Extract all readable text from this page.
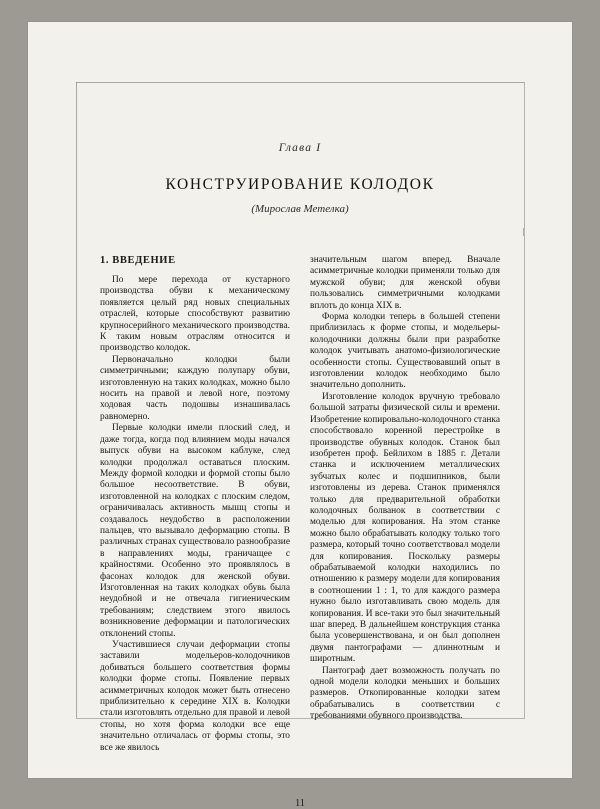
Глава I
КОНСТРУИРОВАНИЕ КОЛОДОК
(Мирослав Метелка)
1. ВВЕДЕНИЕ

По мере перехода от кустарного производства обуви к механическому появляется целый ряд новых специальных отраслей, которые способствуют развитию крупносерийного механического производства. К таким новым отраслям относится и производство колодок.

Первоначально колодки были симметричными; каждую полупару обуви, изготовленную на таких колодках, можно было носить на правой и левой ноге, поэтому ходовая часть подошвы изнашивалась равномерно.

Первые колодки имели плоский след, и даже тогда, когда под влиянием моды начался выпуск обуви на высоком каблуке, след колодки продолжал оставаться плоским. Между формой колодки и формой стопы было большое несоответствие. В обуви, изготовленной на колодках с плоским следом, ограничивалась активность мышц стопы и создавалось неудобство в расположении пальцев, что вызывало деформацию стопы. В различных странах существовало разнообразие в направлениях моды, граничащее с крайностями. Особенно это проявлялось в фасонах колодок для женской обуви. Изготовленная на таких колодках обувь была неудобной и не отвечала гигиеническим требованиям; следствием этого явилось возникновение деформации и патологических отклонений стопы.

Участившиеся случаи деформации стопы заставили модельеров-колодочников добиваться большего соответствия формы колодки форме стопы. Появление первых асимметричных колодок может быть отнесено приблизительно к середине XIX в. Колодки стали изготовлять отдельно для правой и левой стопы, но хотя форма колодки все еще значительно отличалась от формы стопы, это все же явилось

значительным шагом вперед. Вначале асимметричные колодки применяли только для мужской обуви; для женской обуви пользовались симметричными колодками вплоть до конца XIX в.

Форма колодки теперь в большей степени приблизилась к форме стопы, и модельеры-колодочники должны были при разработке колодок учитывать анатомо-физиологические особенности стопы. Существовавший опыт в изготовлении колодок необходимо было значительно дополнить.

Изготовление колодок вручную требовало большой затраты физической силы и времени. Изобретение копировально-колодочного станка способствовало коренной перестройке в производстве обувных колодок. Станок был изобретен проф. Бейлихом в 1885 г. Детали станка и исключением металлических зубчатых колес и подшипников, были изготовлены из дерева. Станок применялся только для предварительной обработки колодочных болванок в соответствии с моделью для копирования. На этом станке можно было обрабатывать колодку только того размера, который точно соответствовал модели для копирования. Поскольку размеры обрабатываемой колодки находились по отношению к размеру модели для копирования в соотношении 1 : 1, то для каждого размера нужно было изготавливать свою модель для копирования. И все-таки это был значительный шаг вперед. В дальнейшем конструкция станка была усовершенствована, и он был дополнен двумя пантографами — длиннотным и широтным.

Пантограф дает возможность получать по одной модели колодки меньших и больших размеров. Откопированные колодки затем обрабатывались в соответствии с требованиями обувного производства.

11
